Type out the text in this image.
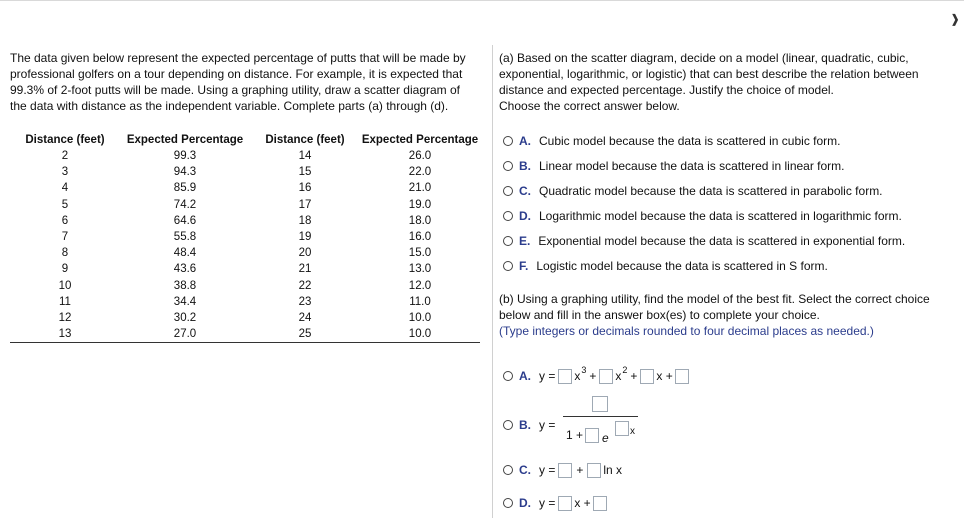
❱

The data given below represent the expected percentage of putts that will be made by professional golfers on a tour depending on distance. For example, it is expected that 99.3% of 2-foot putts will be made. Using a graphing utility, draw a scatter diagram of the data with distance as the independent variable. Complete parts (a) through (d).

Distance (feet)	Expected Percentage	Distance (feet)	Expected Percentage
2	99.3	14	26.0
3	94.3	15	22.0
4	85.9	16	21.0
5	74.2	17	19.0
6	64.6	18	18.0
7	55.8	19	16.0
8	48.4	20	15.0
9	43.6	21	13.0
10	38.8	22	12.0
11	34.4	23	11.0
12	30.2	24	10.0
13	27.0	25	10.0

(a) Based on the scatter diagram, decide on a model (linear, quadratic, cubic, exponential, logarithmic, or logistic) that can best describe the relation between distance and expected percentage. Justify the choice of model.

Choose the correct answer below.

A. Cubic model because the data is scattered in cubic form.
B. Linear model because the data is scattered in linear form.
C. Quadratic model because the data is scattered in parabolic form.
D. Logarithmic model because the data is scattered in logarithmic form.
E. Exponential model because the data is scattered in exponential form.
F. Logistic model because the data is scattered in S form.

(b) Using a graphing utility, find the model of the best fit. Select the correct choice below and fill in the answer box(es) to complete your choice.

(Type integers or decimals rounded to four decimal places as needed.)

A. y = x 3 + x 2 + x +
B. y =
1 + e x
C. y = + ln x
D. y = x +
